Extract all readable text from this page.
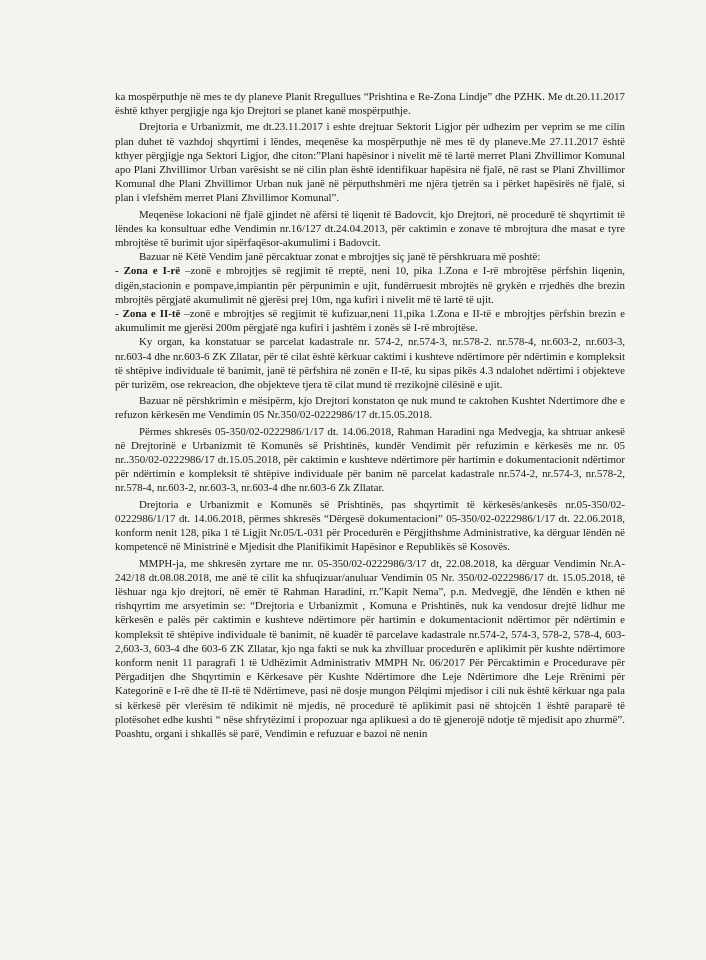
ka mospërputhje në mes te dy planeve Planit Rregullues “Prishtina e Re-Zona Lindje” dhe PZHK. Me dt.20.11.2017 është kthyer pergjigje nga kjo Drejtori se planet kanë mospërputhje.

Drejtoria e Urbanizmit, me dt.23.11.2017 i eshte drejtuar Sektorit Ligjor për udhezim per veprim se me cilin plan duhet të vazhdoj shqyrtimi i lëndes, meqenëse ka mospërputhje në mes të dy planeve.Me 27.11.2017 është kthyer përgjigje nga Sektori Ligjor, dhe citon:”Plani hapësinor i nivelit më të lartë merret Plani Zhvillimor Komunal apo Plani Zhvillimor Urban varësisht se në cilin plan është identifikuar hapësira në fjalë, në rast se Plani Zhvillimor Komunal dhe Plani Zhvillimor Urban nuk janë në përputhshmëri me njëra tjetrën sa i përket hapësirës në fjalë, si plan i vlefshëm merret Plani Zhvillimor Komunal”.

Meqenëse lokacioni në fjalë gjindet në afërsi të liqenit të Badovcit, kjo Drejtori, në procedurë të shqyrtimit të lëndes ka konsultuar edhe Vendimin nr.16/127 dt.24.04.2013, për caktimin e zonave të mbrojtura dhe masat e tyre mbrojtëse të burimit ujor sipërfaqësor-akumulimi i Badovcit.

Bazuar në Këtë Vendim janë përcaktuar zonat e mbrojtjes siç janë të përshkruara më poshtë:

- Zona e I-rë –zonë e mbrojtjes së regjimit të rreptë, neni 10, pika 1.Zona e I-rë mbrojtëse përfshin liqenin, digën,stacionin e pompave,impiantin për përpunimin e ujit, fundërruesit mbrojtës në grykën e rrjedhës dhe brezin mbrojtës përgjatë akumulimit në gjerësi prej 10m, nga kufiri i nivelit më të lartë të ujit.

- Zona e II-të –zonë e mbrojtjes së regjimit të kufizuar,neni 11,pika 1.Zona e II-të e mbrojtjes përfshin brezin e akumulimit me gjerësi 200m përgjatë nga kufiri i jashtëm i zonës së I-rë mbrojtëse.

Ky organ, ka konstatuar se parcelat kadastrale nr. 574-2, nr.574-3, nr.578-2. nr.578-4, nr.603-2, nr.603-3, nr.603-4 dhe nr.603-6 ZK Zllatar, për të cilat është kërkuar caktimi i kushteve ndërtimore për ndërtimin e kompleksit të shtëpive individuale të banimit, janë të përfshira në zonën e II-të, ku sipas pikës 4.3 ndalohet ndërtimi i objekteve për turizëm, ose rekreacion, dhe objekteve tjera të cilat mund të rrezikojnë cilësinë e ujit.

Bazuar në përshkrimin e mësipërm, kjo Drejtori konstaton qe nuk mund te caktohen Kushtet Ndertimore dhe e refuzon kërkesën me Vendimin 05 Nr.350/02-0222986/17 dt.15.05.2018.

Përmes shkresës 05-350/02-0222986/1/17 dt. 14.06.2018, Rahman Haradini nga Medvegja, ka shtruar ankesë në Drejtorinë e Urbanizmit të Komunës së Prishtinës, kundër Vendimit për refuzimin e kërkesës me nr. 05 nr..350/02-0222986/17 dt.15.05.2018, për caktimin e kushteve ndërtimore për hartimin e dokumentacionit ndërtimor për ndërtimin e kompleksit të shtëpive individuale për banim në parcelat kadastrale nr.574-2, nr.574-3, nr.578-2, nr.578-4, nr.603-2, nr.603-3, nr.603-4 dhe nr.603-6 Zk Zllatar.

Drejtoria e Urbanizmit e Komunës së Prishtinës, pas shqyrtimit të kërkesës/ankesës nr.05-350/02-0222986/1/17 dt. 14.06.2018, përmes shkresës “Dërgesë dokumentacioni” 05-350/02-0222986/1/17 dt. 22.06.2018, konform nenit 128, pika 1 të Ligjit Nr.05/L-031 për Procedurën e Përgjithshme Administrative, ka dërguar lëndën në kompetencë në Ministrinë e Mjedisit dhe Planifikimit Hapësinor e Republikës së Kosovës.

MMPH-ja, me shkresën zyrtare me nr. 05-350/02-0222986/3/17 dt, 22.08.2018, ka dërguar Vendimin Nr.A-242/18 dt.08.08.2018, me anë të cilit ka shfuqizuar/anuluar Vendimin 05 Nr. 350/02-0222986/17 dt. 15.05.2018, të lëshuar nga kjo drejtori, në emër të Rahman Haradini, rr.”Kapit Nema”, p.n. Medvegjë, dhe lëndën e kthen në rishqyrtim me arsyetimin se: “Drejtoria e Urbanizmit , Komuna e Prishtinës, nuk ka vendosur drejtë lidhur me kërkesën e palës për caktimin e kushteve ndërtimore për hartimin e dokumentacionit ndërtimor për ndërtimin e kompleksit të shtëpive individuale të banimit, në kuadër të parcelave kadastrale nr.574-2, 574-3, 578-2, 578-4, 603-2,603-3, 603-4 dhe 603-6 ZK Zllatar, kjo nga fakti se nuk ka zhvilluar procedurën e aplikimit për kushte ndërtimore konform nenit 11 paragrafi 1 të Udhëzimit Administrativ MMPH Nr. 06/2017 Për Përcaktimin e Procedurave për Përgaditjen dhe Shqyrtimin e Kërkesave për Kushte Ndërtimore dhe Leje Ndërtimore dhe Leje Rrënimi për Kategorinë e I-rë dhe të II-të të Ndërtimeve, pasi në dosje mungon Pëlqimi mjedisor i cili nuk është kërkuar nga pala si kërkesë për vlerësim të ndikimit në mjedis, në procedurë të aplikimit pasi në shtojcën 1 është paraparë të plotësohet edhe kushti “ nëse shfrytëzimi i propozuar nga aplikuesi a do të gjenerojë ndotje të mjedisit apo zhurmë”. Poashtu, organi i shkallës së parë, Vendimin e refuzuar e bazoi në nenin
